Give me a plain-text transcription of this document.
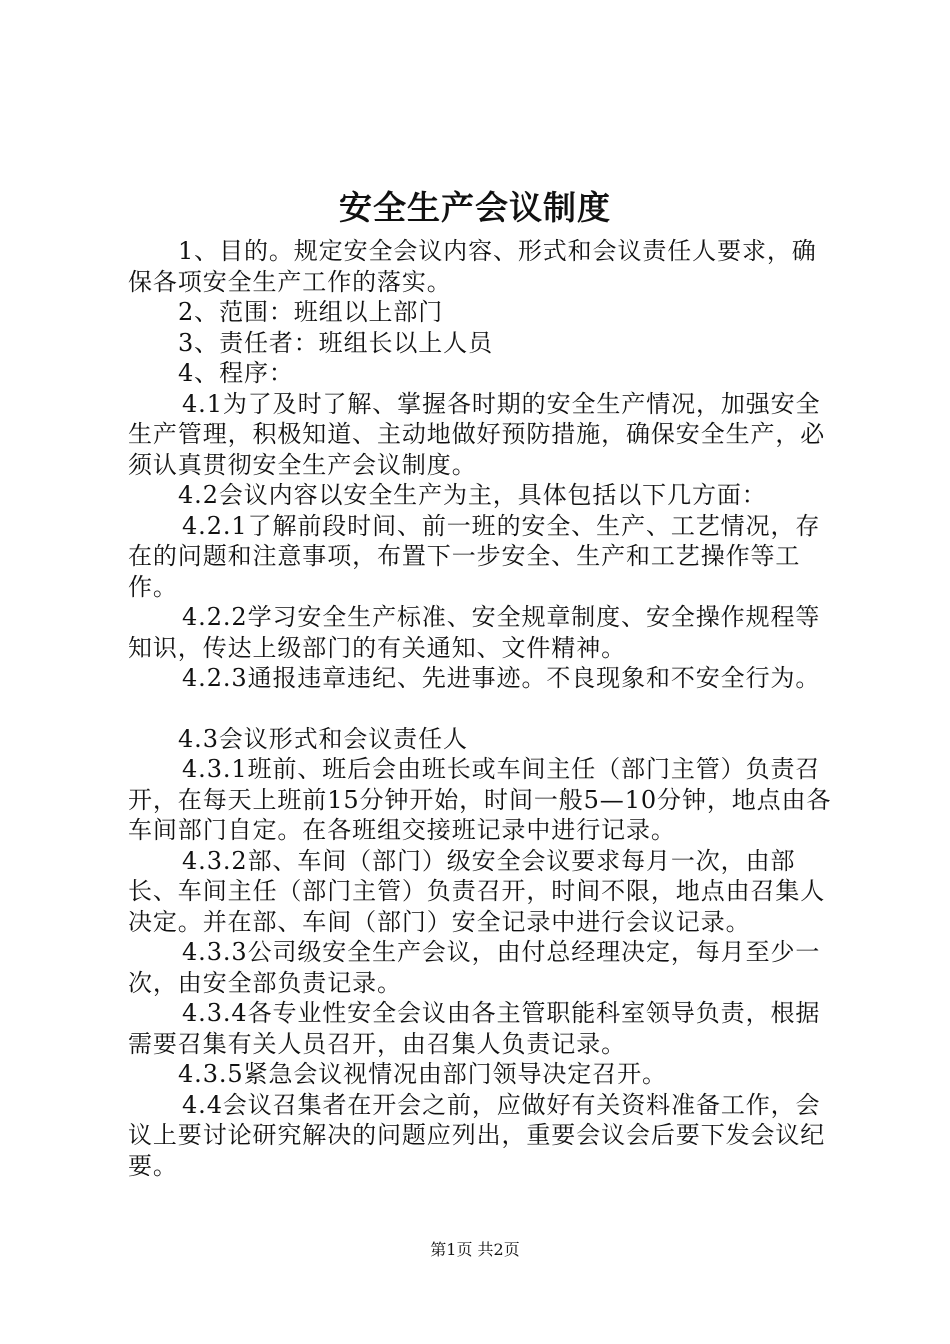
安全生产会议制度

1、目的。规定安全会议内容、形式和会议责任人要求，确保各项安全生产工作的落实。

2、范围：班组以上部门

3、责任者：班组长以上人员

4、程序：

4.1为了及时了解、掌握各时期的安全生产情况，加强安全生产管理，积极知道、主动地做好预防措施，确保安全生产，必须认真贯彻安全生产会议制度。

4.2会议内容以安全生产为主，具体包括以下几方面：

4.2.1了解前段时间、前一班的安全、生产、工艺情况，存在的问题和注意事项，布置下一步安全、生产和工艺操作等工作。

4.2.2学习安全生产标准、安全规章制度、安全操作规程等知识，传达上级部门的有关通知、文件精神。

4.2.3通报违章违纪、先进事迹。不良现象和不安全行为。

4.3会议形式和会议责任人

4.3.1班前、班后会由班长或车间主任（部门主管）负责召开，在每天上班前15分钟开始，时间一般5—10分钟，地点由各车间部门自定。在各班组交接班记录中进行记录。

4.3.2部、车间（部门）级安全会议要求每月一次，由部长、车间主任（部门主管）负责召开，时间不限，地点由召集人决定。并在部、车间（部门）安全记录中进行会议记录。

4.3.3公司级安全生产会议，由付总经理决定，每月至少一次，由安全部负责记录。

4.3.4各专业性安全会议由各主管职能科室领导负责，根据需要召集有关人员召开，由召集人负责记录。

4.3.5紧急会议视情况由部门领导决定召开。

4.4会议召集者在开会之前，应做好有关资料准备工作，会议上要讨论研究解决的问题应列出，重要会议会后要下发会议纪要。

第1页 共2页
